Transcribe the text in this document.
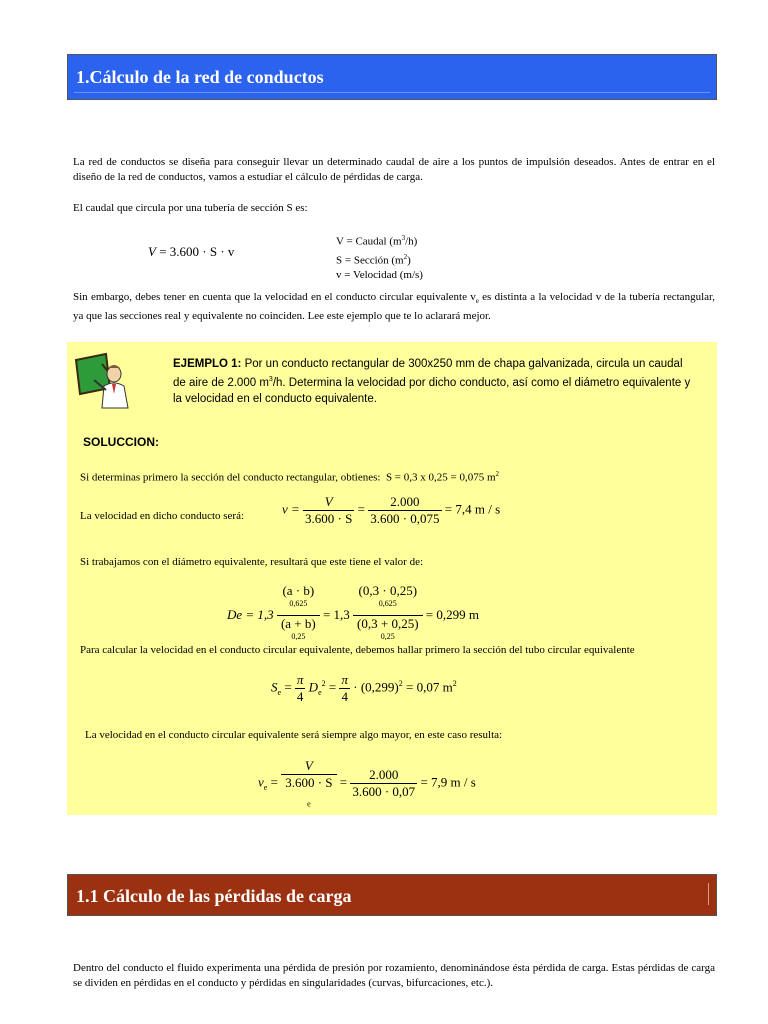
1.Cálculo de la red de conductos

La red de conductos se diseña para conseguir llevar un determinado caudal de aire a los puntos de impulsión deseados. Antes de entrar en el diseño de la red de conductos, vamos a estudiar el cálculo de pérdidas de carga.

El caudal que circula por una tubería de sección S es:

V = 3.600 · S · v
V = Caudal $(m^3/h)$
S = Sección $(m^2)$
v = Velocidad (m/s)

Sin embargo, debes tener en cuenta que la velocidad en el conducto circular equivalente $v_e$ es distinta a la velocidad v de la tubería rectangular, ya que las secciones real y equivalente no coinciden. Lee este ejemplo que te lo aclarará mejor.

EJEMPLO 1: Por un conducto rectangular de 300x250 mm de chapa galvanizada, circula un caudal de aire de 2.000 $m^3/h$. Determina la velocidad por dicho conducto, así como el diámetro equivalente y la velocidad en el conducto equivalente.
SOLUCCION:
Si determinas primero la sección del conducto rectangular, obtienes: S = 0,3 x 0,25 = 0,075 $m^2$
La velocidad en dicho conducto será:	$v = \frac{V}{3.600 \cdot S} = \frac{2.000}{3.600 \cdot 0,075} = 7,4$ m / s
Si trabajamos con el diámetro equivalente, resultará que este tiene el valor de:
De = 1,3 (a · b)
$^{0,625}$
(a + b)
$^{0,25}$ = 1,3 (0,3 · 0,25)
$^{0,625}$
(0,3 + 0,25)
$^{0,25}$ = 0,299 m

Para calcular la velocidad en el conducto circular equivalente, debemos hallar primero la sección del tubo circular equivalente

$S_e = \frac{\pi}{4} D_e^2 = \frac{\pi}{4} \cdot (0,299)^2 = 0,07$ $m^2$
La velocidad en el conducto circular equivalente será siempre algo mayor, en este caso resulta:
$v_e = V$
3.600 · S
$_e = \frac{2.000}{3.600 \cdot 0,07} = 7,9$ m / s
1.1 Cálculo de las pérdidas de carga

Dentro del conducto el fluido experimenta una pérdida de presión por rozamiento, denominándose ésta pérdida de carga. Estas pérdidas de carga se dividen en pérdidas en el conducto y pérdidas en singularidades (curvas, bifurcaciones, etc.).
